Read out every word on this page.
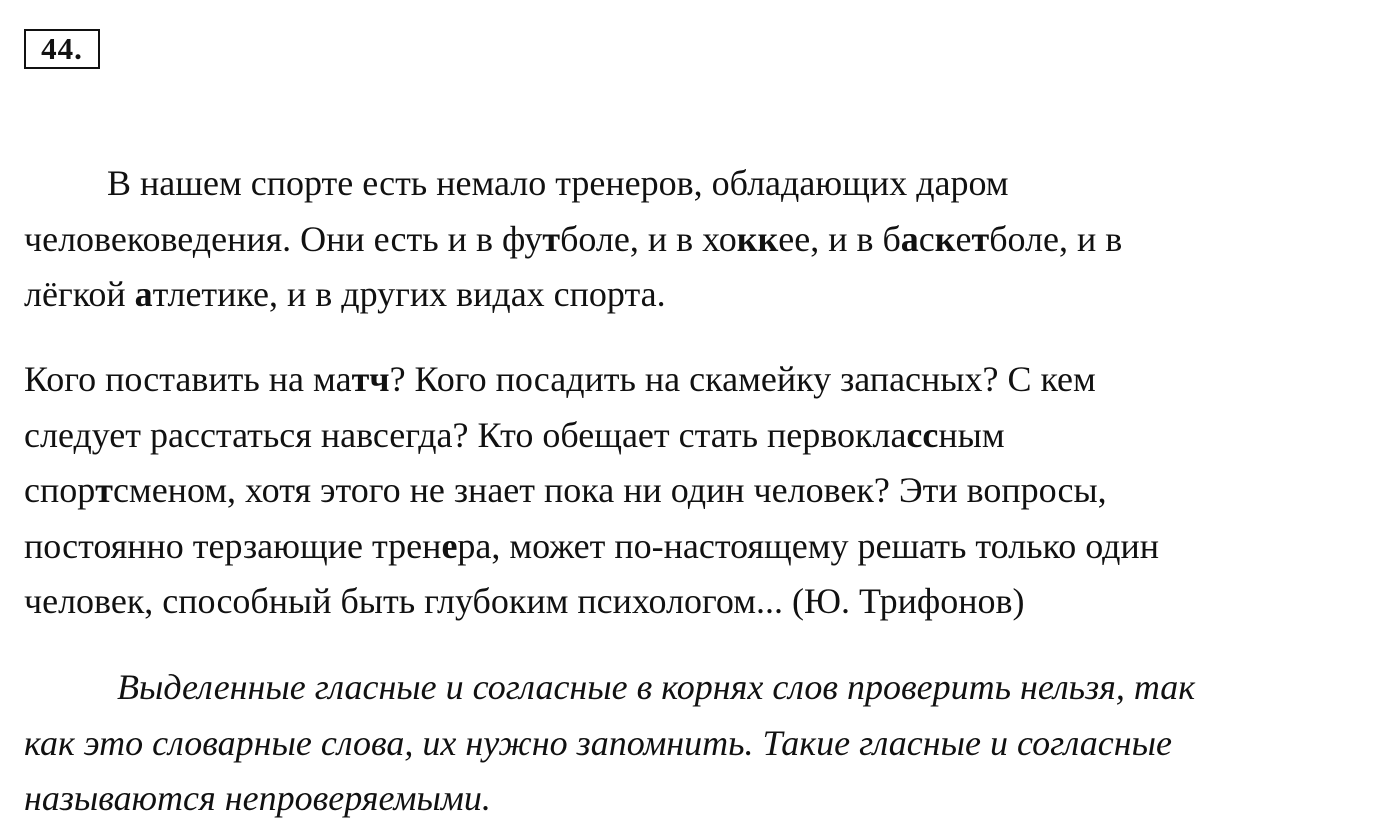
44.
В нашем спорте есть немало тренеров, обладающих даром
человековедения. Они есть и в футболе, и в хоккее, и в баскетболе, и в
лёгкой атлетике, и в других видах спорта.
Кого поставить на матч? Кого посадить на скамейку запасных? С кем
следует расстаться навсегда? Кто обещает стать первоклассным
спортсменом, хотя этого не знает пока ни один человек? Эти вопросы,
постоянно терзающие тренера, может по-настоящему решать только один
человек, способный быть глубоким психологом... (Ю. Трифонов)
Выделенные гласные и согласные в корнях слов проверить нельзя, так
как это словарные слова, их нужно запомнить. Такие гласные и согласные
называются непроверяемыми.
